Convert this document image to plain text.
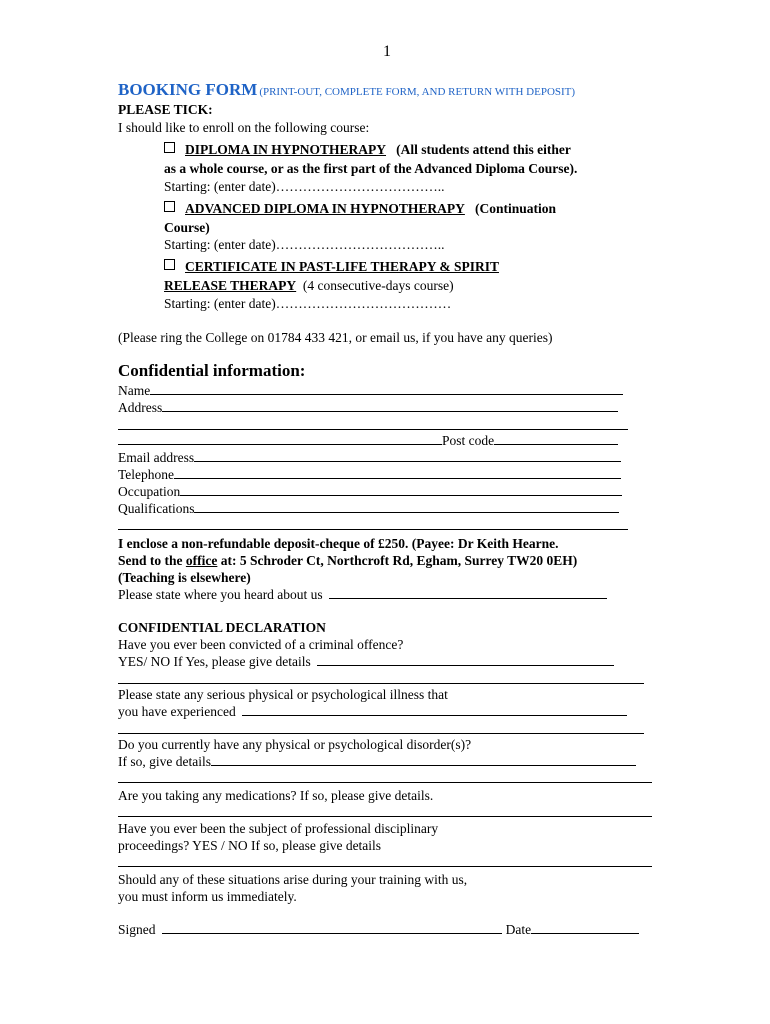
1
BOOKING FORM (PRINT-OUT, COMPLETE FORM, AND RETURN WITH DEPOSIT)
PLEASE TICK:
I should like to enroll on the following course:
DIPLOMA IN HYPNOTHERAPY (All students attend this either
as a whole course, or as the first part of the Advanced Diploma Course).
Starting: (enter date)………………………………..
ADVANCED DIPLOMA IN HYPNOTHERAPY (Continuation
Course)
Starting: (enter date)………………………………..
CERTIFICATE IN PAST-LIFE THERAPY & SPIRIT
RELEASE THERAPY (4 consecutive-days course)
Starting: (enter date)…………………………………
(Please ring the College on 01784 433 421, or email us, if you have any queries)
Confidential information:
Name
Address
Post code
Email address
Telephone
Occupation
Qualifications
I enclose a non-refundable deposit-cheque of £250. (Payee: Dr Keith Hearne.
Send to the office at: 5 Schroder Ct, Northcroft Rd, Egham, Surrey TW20 0EH)
(Teaching is elsewhere)
Please state where you heard about us
CONFIDENTIAL DECLARATION
Have you ever been convicted of a criminal offence?
YES/ NO If Yes, please give details
Please state any serious physical or psychological illness that
you have experienced
Do you currently have any physical or psychological disorder(s)?
If so, give details
Are you taking any medications? If so, please give details.
Have you ever been the subject of professional disciplinary
proceedings? YES / NO If so, please give details
Should any of these situations arise during your training with us,
you must inform us immediately.
Signed	Date
